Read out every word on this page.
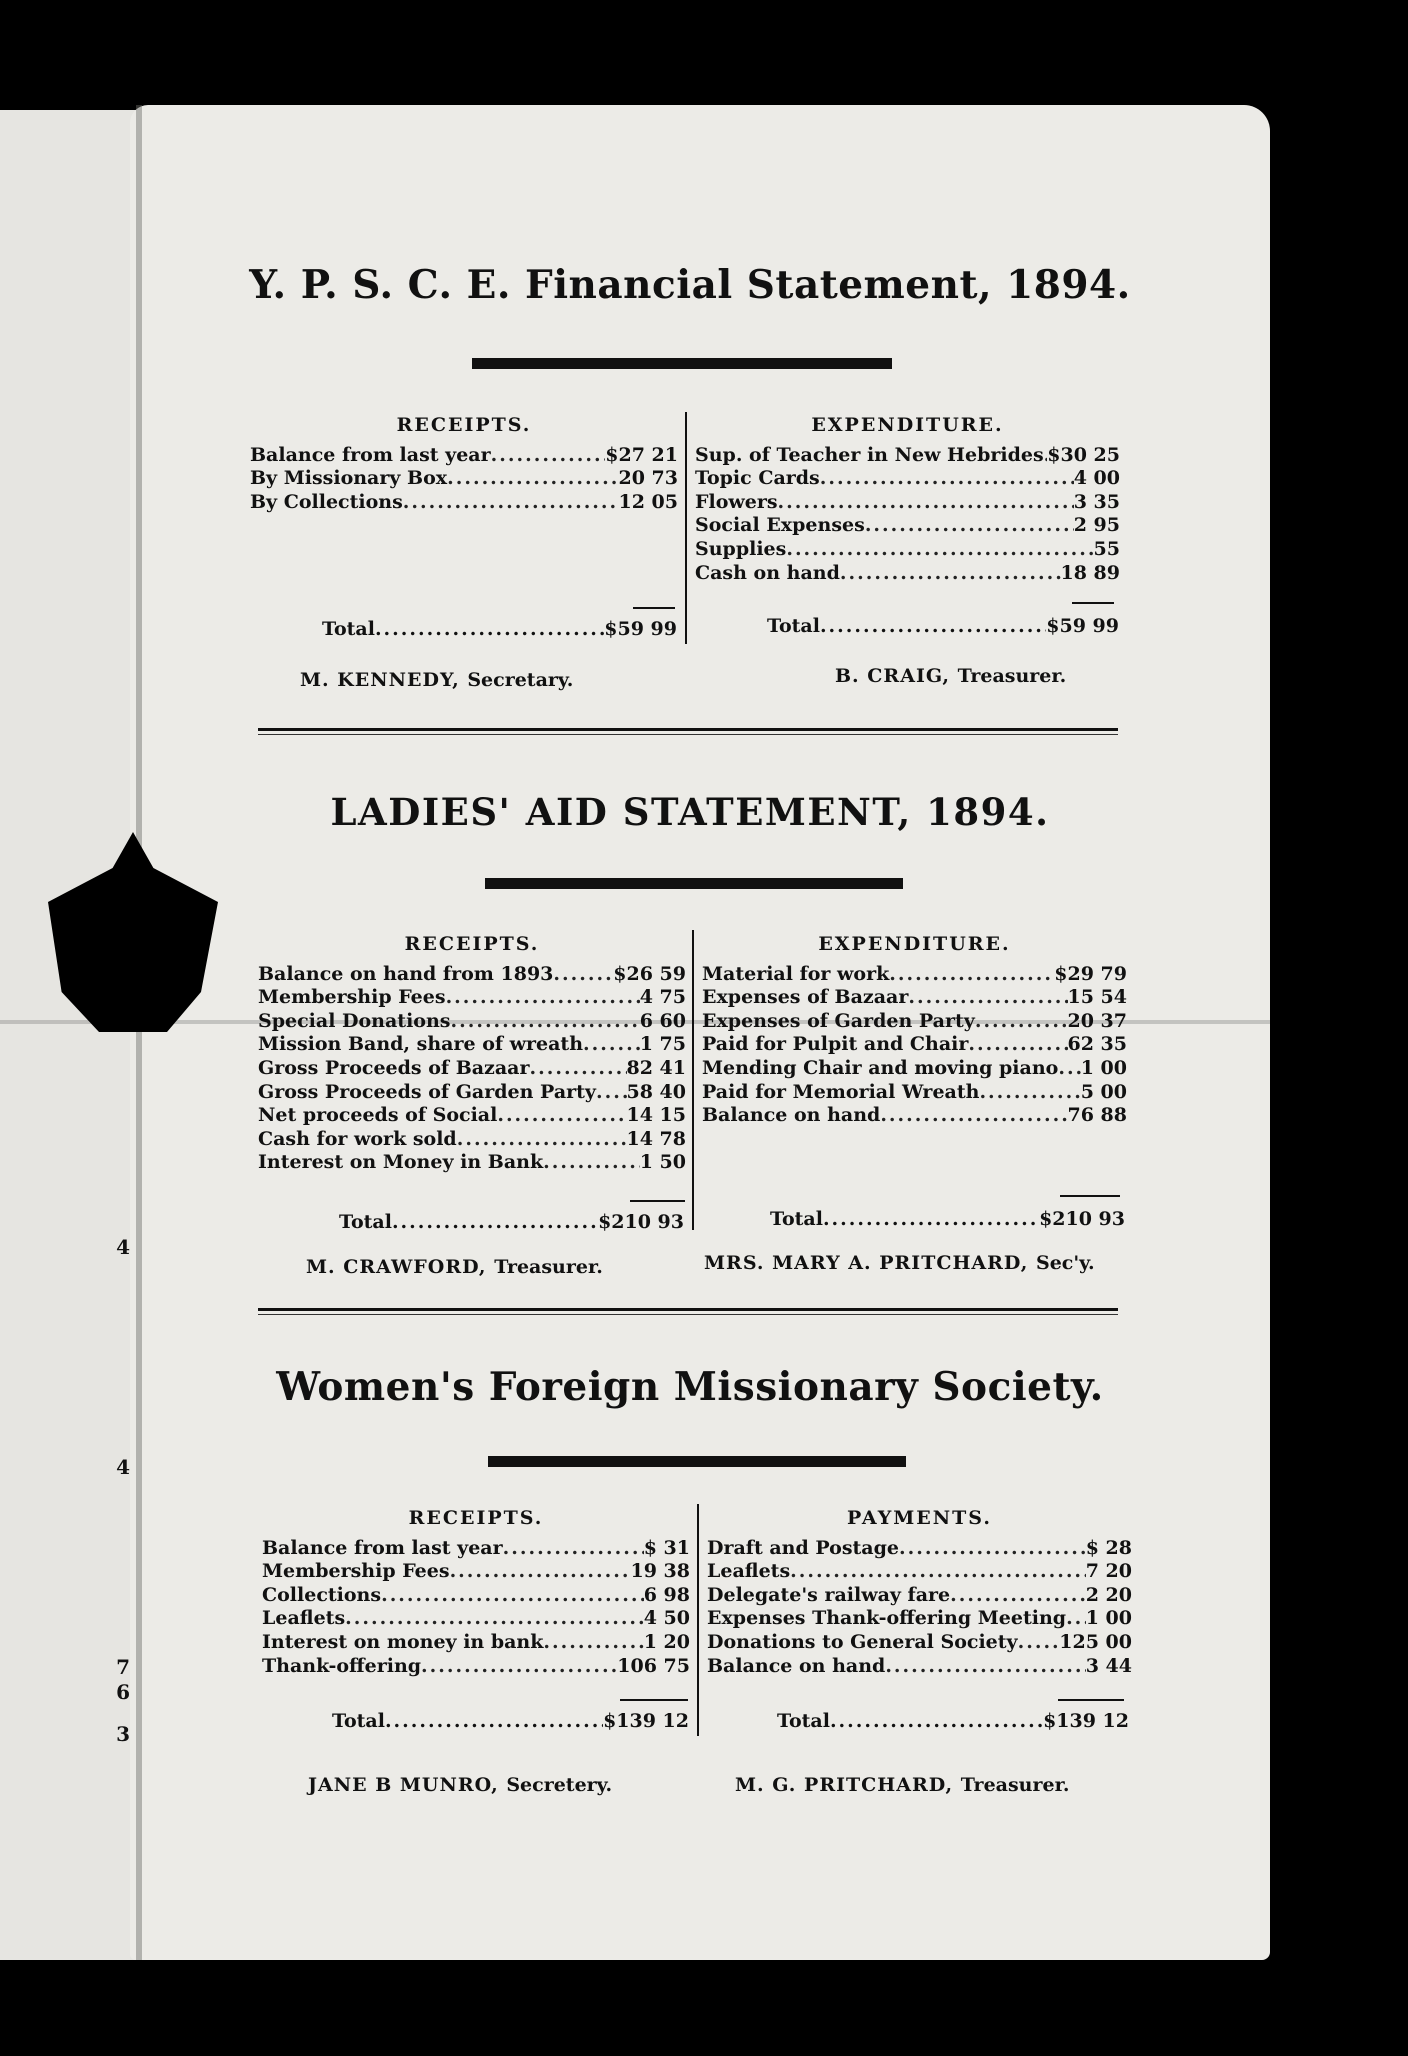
4
4
7
6
3
Y. P. S. C. E. Financial Statement, 1894.
RECEIPTS.
Balance from last year .....	$27 21
By Missionary Box .....	20 73
By Collections .....	12 05
EXPENDITURE.
Sup. of Teacher in New Hebrides ..... $30 25
Topic Cards .....	4 00
Flowers .....	3 35
Social Expenses .....	2 95
Supplies .....	55
Cash on hand .....	18 89
Total .....	$59 99	Total .....	$59 99
M. KENNEDY, Secretary.	B. CRAIG, Treasurer.
LADIES' AID STATEMENT, 1894.
RECEIPTS.
Balance on hand from 1893 .....	$26 59
Membership Fees .....	4 75
Special Donations .....	6 60
Mission Band, share of wreath .....	1 75
Gross Proceeds of Bazaar .....	82 41
Gross Proceeds of Garden Party ..... 58 40
Net proceeds of Social .....	14 15
Cash for work sold .....	14 78
Interest on Money in Bank .....	1 50
EXPENDITURE.
Material for work .....	$29 79
Expenses of Bazaar .....	15 54
Expenses of Garden Party .....	20 37
Paid for Pulpit and Chair .....	62 35
Mending Chair and moving piano ..... 1 00
Paid for Memorial Wreath .....	5 00
Balance on hand .....	76 88
Total .....	$210 93	Total .....	$210 93
M. CRAWFORD, Treasurer.	MRS. MARY A. PRITCHARD, Sec'y.
Women's Foreign Missionary Society.
RECEIPTS.
Balance from last year .....	$ 31
Membership Fees .....	19 38
Collections .....	6 98
Leaflets .....	4 50
Interest on money in bank .....	1 20
Thank-offering .....	106 75
PAYMENTS.
Draft and Postage .....	$ 28
Leaflets .....	7 20
Delegate's railway fare .....	2 20
Expenses Thank-offering Meeting ..... 1 00
Donations to General Society ..... 125 00
Balance on hand .....	3 44
Total .....	$139 12	Total .....	$139 12
JANE B MUNRO, Secretery.	M. G. PRITCHARD, Treasurer.
